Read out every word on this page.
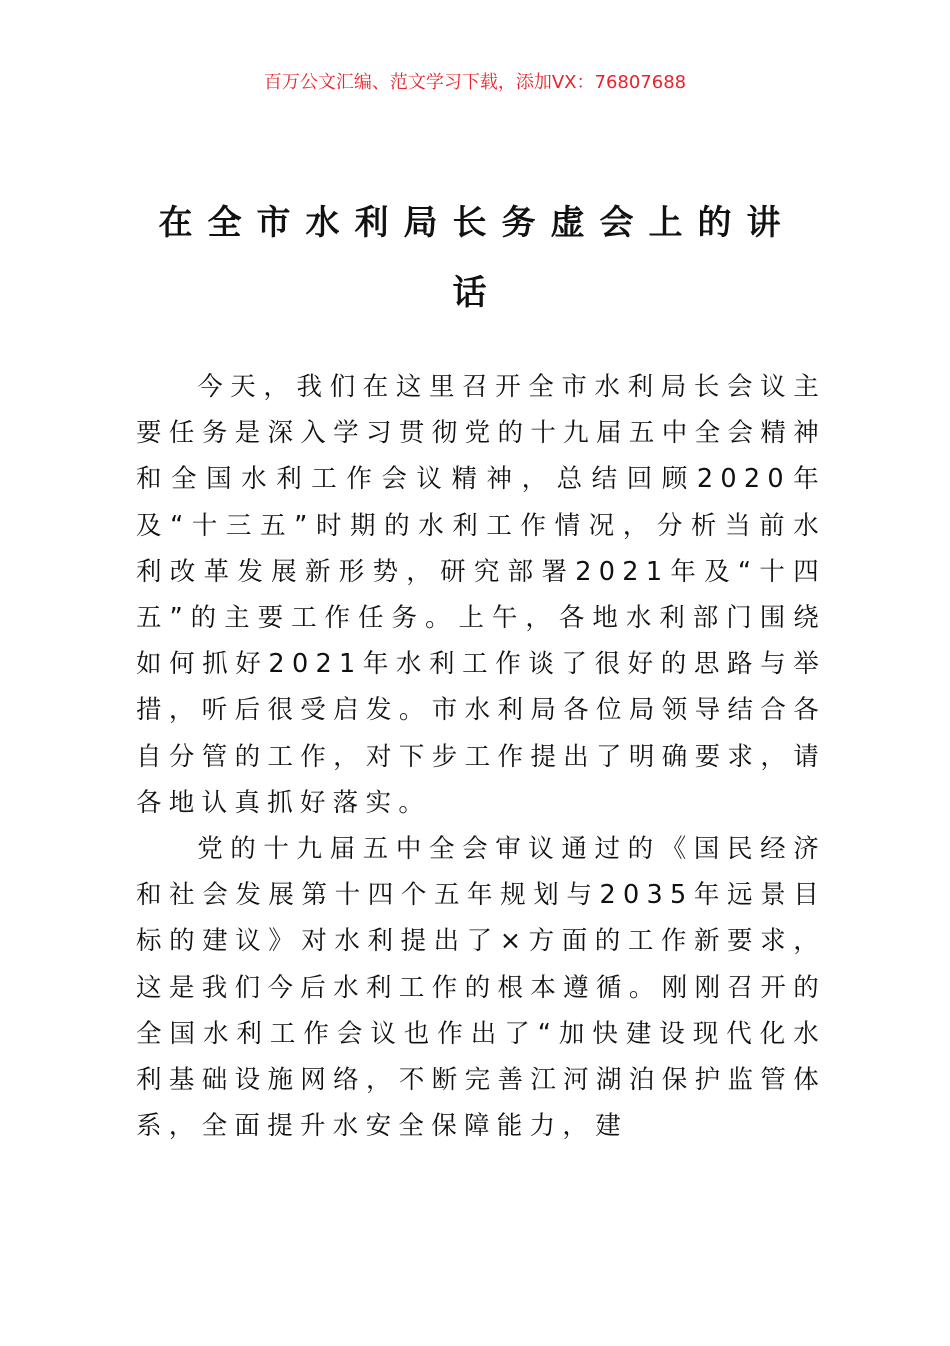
百万公文汇编、范文学习下载，添加VX：76807688
在全市水利局长务虚会上的讲
话

今天，我们在这里召开全市水利局长会议主要任务是深入学习贯彻党的十九届五中全会精神和全国水利工作会议精神，总结回顾2020年及“十三五”时期的水利工作情况，分析当前水利改革发展新形势，研究部署2021年及“十四五”的主要工作任务。上午，各地水利部门围绕如何抓好2021年水利工作谈了很好的思路与举措，听后很受启发。市水利局各位局领导结合各自分管的工作，对下步工作提出了明确要求，请各地认真抓好落实。

党的十九届五中全会审议通过的《国民经济和社会发展第十四个五年规划与2035年远景目标的建议》对水利提出了×方面的工作新要求，这是我们今后水利工作的根本遵循。刚刚召开的全国水利工作会议也作出了“加快建设现代化水利基础设施网络，不断完善江河湖泊保护监管体系，全面提升水安全保障能力，建
